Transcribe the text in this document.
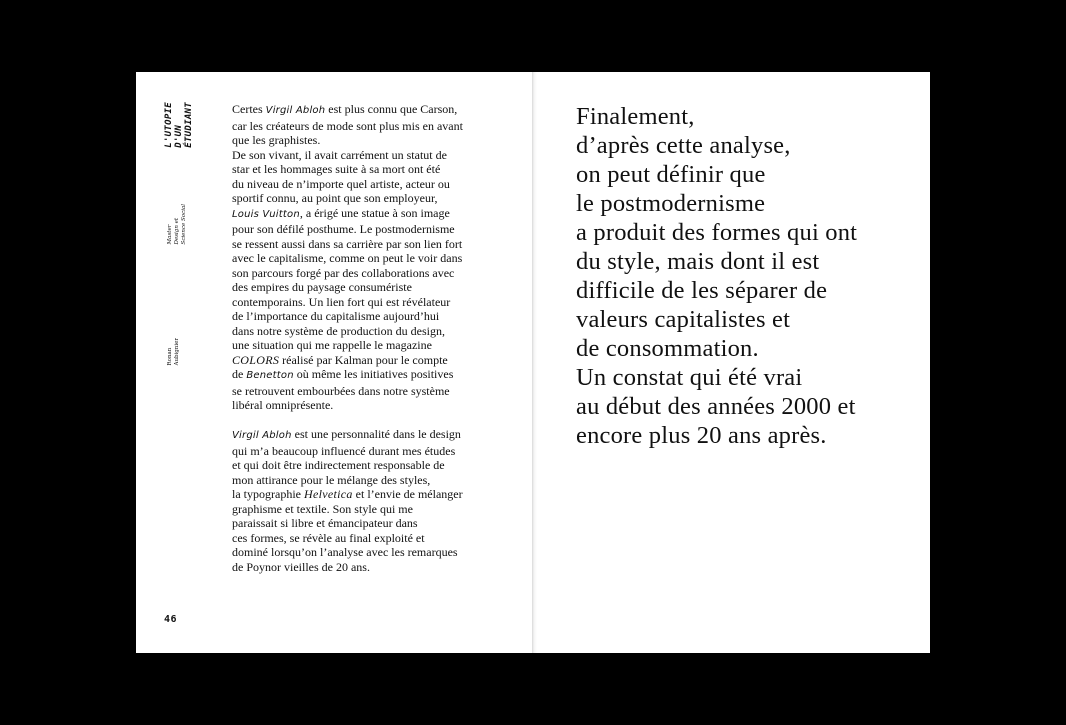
L'UTOPIE
D'UN
ÉTUDIANT
Master
Design et
Science Social
Ronan
Aubignier
46

Certes Virgil Abloh est plus connu que Carson,
car les créateurs de mode sont plus mis en avant
que les graphistes.
De son vivant, il avait carrément un statut de
star et les hommages suite à sa mort ont été
du niveau de n’importe quel artiste, acteur ou
sportif connu, au point que son employeur,
Louis Vuitton, a érigé une statue à son image
pour son défilé posthume. Le postmodernisme
se ressent aussi dans sa carrière par son lien fort
avec le capitalisme, comme on peut le voir dans
son parcours forgé par des collaborations avec
des empires du paysage consumériste
contemporains. Un lien fort qui est révélateur
de l’importance du capitalisme aujourd’hui
dans notre système de production du design,
une situation qui me rappelle le magazine
COLORS réalisé par Kalman pour le compte
de Benetton où même les initiatives positives
se retrouvent embourbées dans notre système
libéral omniprésente.

Virgil Abloh est une personnalité dans le design
qui m’a beaucoup influencé durant mes études
et qui doit être indirectement responsable de
mon attirance pour le mélange des styles,
la typographie Helvetica et l’envie de mélanger
graphisme et textile. Son style qui me
paraissait si libre et émancipateur dans
ces formes, se révèle au final exploité et
dominé lorsqu’on l’analyse avec les remarques
de Poynor vieilles de 20 ans.

Finalement,
d’après cette analyse,
on peut définir que
le postmodernisme
a produit des formes qui ont
du style, mais dont il est
difficile de les séparer de
valeurs capitalistes et
de consommation.
Un constat qui été vrai
au début des années 2000 et
encore plus 20 ans après.
